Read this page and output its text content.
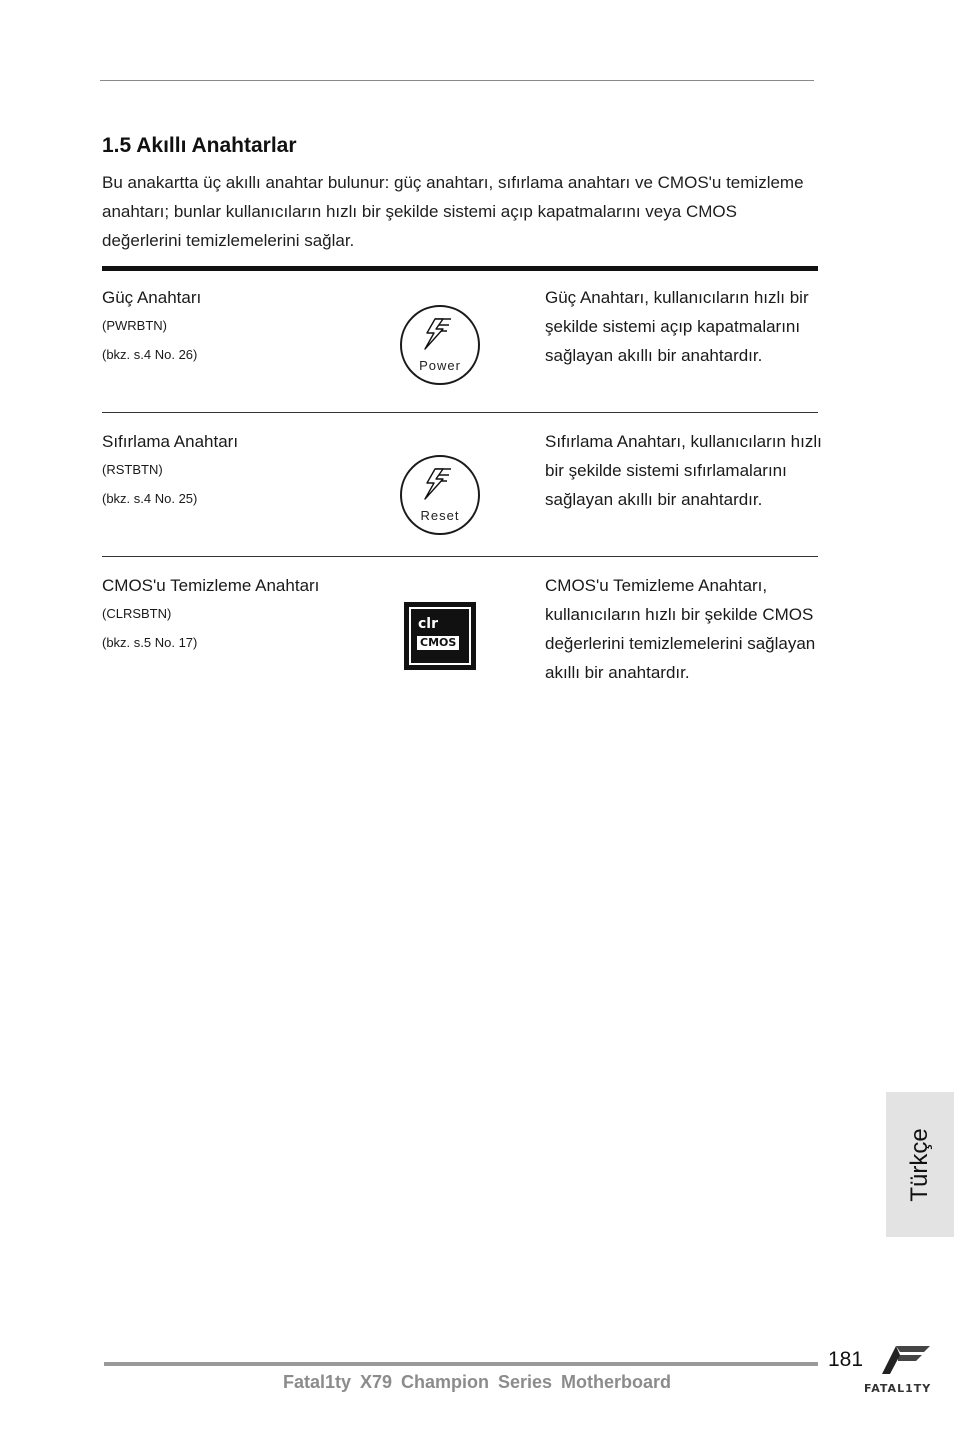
1.5 Akıllı Anahtarlar

Bu anakartta üç akıllı anahtar bulunur: güç anahtarı, sıfırlama anahtarı ve CMOS'u temizleme anahtarı; bunlar kullanıcıların hızlı bir şekilde sistemi açıp kapatmalarını veya CMOS değerlerini temizlemelerini sağlar.

Güç Anahtarı
(PWRBTN)
(bkz. s.4 No. 26)
Güç Anahtarı, kullanıcıların hızlı bir şekilde sistemi açıp kapatmalarını sağlayan akıllı bir anahtardır.
Power
Sıfırlama Anahtarı
(RSTBTN)
(bkz. s.4 No. 25)
Sıfırlama Anahtarı, kullanıcıların hızlı bir şekilde sistemi sıfırlamalarını sağlayan akıllı bir anahtardır.
Reset
CMOS'u Temizleme Anahtarı
(CLRSBTN)
(bkz. s.5 No. 17)
CMOS'u Temizleme Anahtarı, kullanıcıların hızlı bir şekilde CMOS değerlerini temizlemelerini sağlayan akıllı bir anahtardır.
clr
CMOS
Türkçe
181
Fatal1ty X79 Champion Series Motherboard	FATAL1TY
